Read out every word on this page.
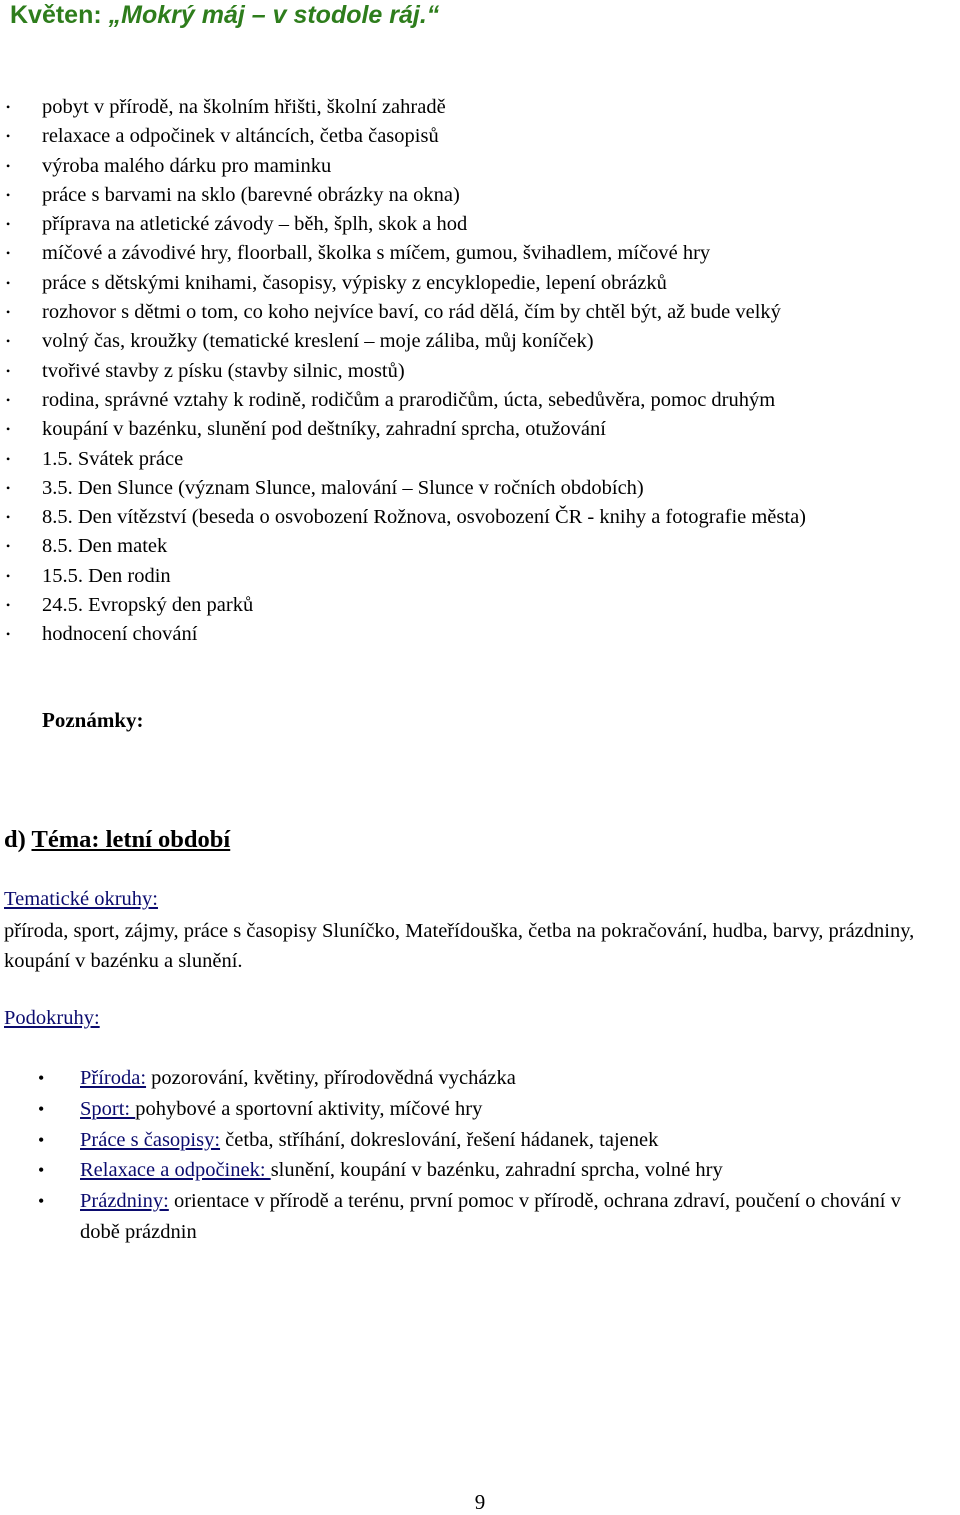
Květen: „Mokrý máj – v stodole ráj.“
• pobyt v přírodě, na školním hřišti, školní zahradě
• relaxace a odpočinek v altáncích, četba časopisů
• výroba malého dárku pro maminku
• práce s barvami na sklo (barevné obrázky na okna)
• příprava na atletické závody – běh, šplh, skok a hod
• míčové a závodivé hry, floorball, školka s míčem, gumou, švihadlem, míčové hry
• práce s dětskými knihami, časopisy, výpisky z encyklopedie, lepení obrázků
• rozhovor s dětmi o tom, co koho nejvíce baví, co rád dělá, čím by chtěl být, až bude velký
• volný čas, kroužky (tematické kreslení – moje záliba, můj koníček)
• tvořivé stavby z písku (stavby silnic, mostů)
• rodina, správné vztahy k rodině, rodičům a prarodičům, úcta, sebedůvěra, pomoc druhým
• koupání v bazénku, slunění pod deštníky, zahradní sprcha, otužování
• 1.5. Svátek práce
• 3.5. Den Slunce (význam Slunce, malování – Slunce v ročních obdobích)
• 8.5. Den vítězství (beseda o osvobození Rožnova, osvobození ČR - knihy a fotografie města)
• 8.5. Den matek
• 15.5. Den rodin
• 24.5. Evropský den parků
• hodnocení chování
Poznámky:
d) Téma: letní období
Tematické okruhy:
příroda, sport, zájmy, práce s časopisy Sluníčko, Mateřídouška, četba na pokračování, hudba, barvy, prázdniny, koupání v bazénku a slunění.
Podokruhy:
• Příroda: pozorování, květiny, přírodovědná vycházka
• Sport: pohybové a sportovní aktivity, míčové hry
• Práce s časopisy: četba, stříhání, dokreslování, řešení hádanek, tajenek
• Relaxace a odpočinek: slunění, koupání v bazénku, zahradní sprcha, volné hry
• Prázdniny: orientace v přírodě a terénu, první pomoc v přírodě, ochrana zdraví, poučení o chování v době prázdnin
9
